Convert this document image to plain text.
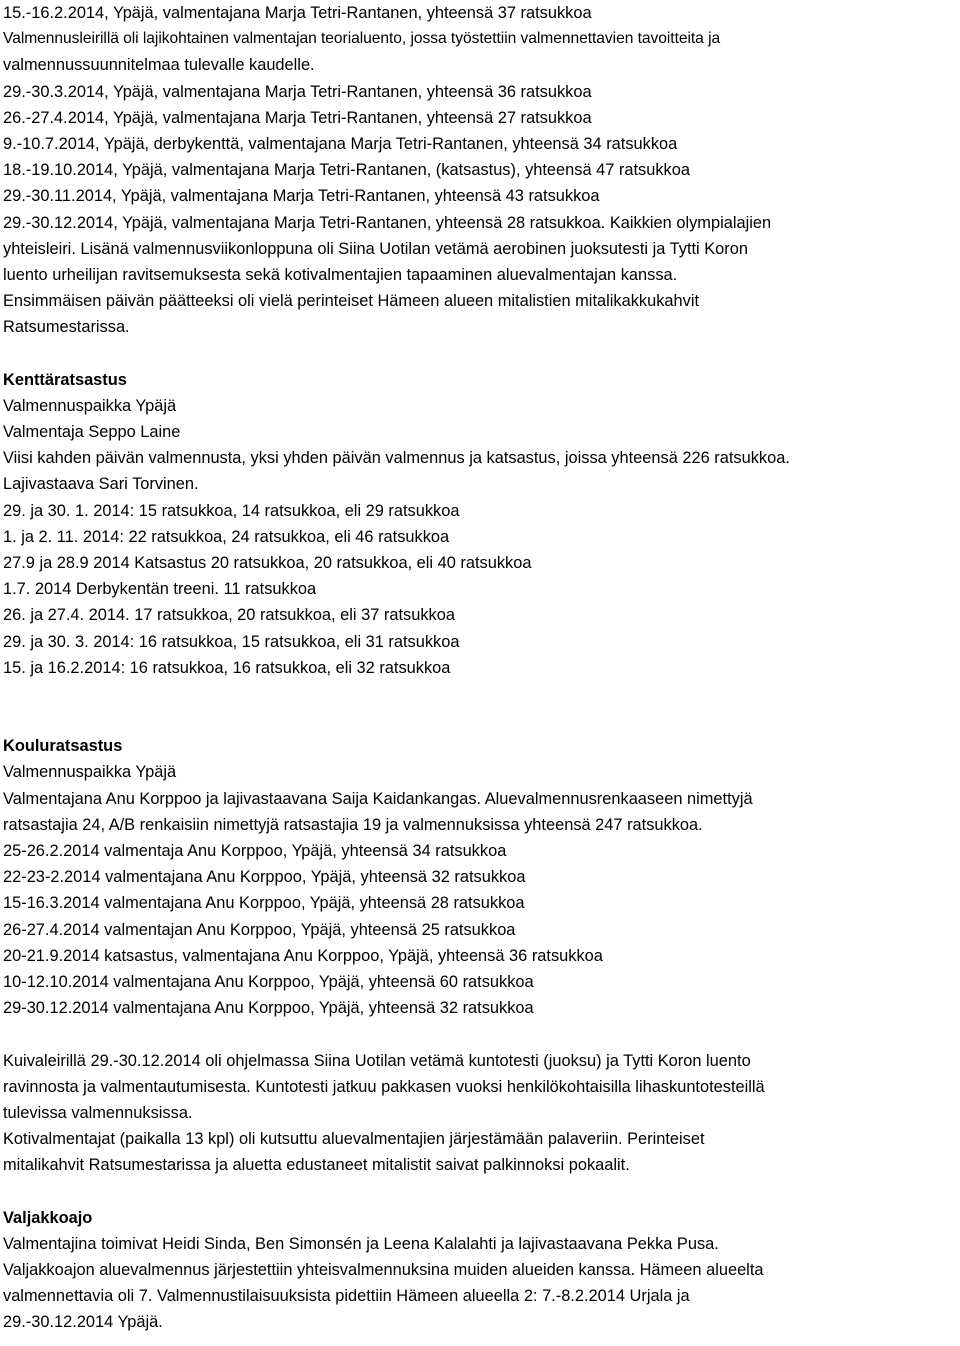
15.-16.2.2014, Ypäjä, valmentajana Marja Tetri-Rantanen, yhteensä 37 ratsukkoa
Valmennusleirillä oli lajikohtainen valmentajan teorialuento, jossa työstettiin valmennettavien tavoitteita ja
valmennussuunnitelmaa tulevalle kaudelle.
29.-30.3.2014, Ypäjä, valmentajana Marja Tetri-Rantanen, yhteensä 36 ratsukkoa
26.-27.4.2014, Ypäjä, valmentajana Marja Tetri-Rantanen, yhteensä 27 ratsukkoa
9.-10.7.2014, Ypäjä, derbykenttä, valmentajana Marja Tetri-Rantanen, yhteensä 34 ratsukkoa
18.-19.10.2014, Ypäjä, valmentajana Marja Tetri-Rantanen, (katsastus), yhteensä 47 ratsukkoa
29.-30.11.2014, Ypäjä, valmentajana Marja Tetri-Rantanen, yhteensä 43 ratsukkoa
29.-30.12.2014, Ypäjä, valmentajana Marja Tetri-Rantanen, yhteensä 28 ratsukkoa. Kaikkien olympialajien
yhteisleiri. Lisänä valmennusviikonloppuna oli Siina Uotilan vetämä aerobinen juoksutesti ja Tytti Koron
luento urheilijan ravitsemuksesta sekä kotivalmentajien tapaaminen aluevalmentajan kanssa.
Ensimmäisen päivän päätteeksi oli vielä perinteiset Hämeen alueen mitalistien mitalikakkukahvit
Ratsumestarissa.
Kenttäratsastus
Valmennuspaikka Ypäjä
Valmentaja Seppo Laine
Viisi kahden päivän valmennusta, yksi yhden päivän valmennus ja katsastus, joissa yhteensä 226 ratsukkoa.
Lajivastaava Sari Torvinen.
29. ja 30. 1. 2014: 15 ratsukkoa, 14 ratsukkoa, eli 29 ratsukkoa
1. ja 2. 11. 2014: 22 ratsukkoa, 24 ratsukkoa, eli 46 ratsukkoa
27.9 ja 28.9 2014 Katsastus 20 ratsukkoa, 20 ratsukkoa, eli 40 ratsukkoa
1.7. 2014 Derbykentän treeni. 11 ratsukkoa
26. ja 27.4. 2014. 17 ratsukkoa, 20 ratsukkoa, eli 37 ratsukkoa
29. ja 30. 3. 2014: 16 ratsukkoa, 15 ratsukkoa, eli 31 ratsukkoa
15. ja 16.2.2014: 16 ratsukkoa, 16 ratsukkoa, eli 32 ratsukkoa
Kouluratsastus
Valmennuspaikka Ypäjä
Valmentajana Anu Korppoo ja lajivastaavana Saija Kaidankangas. Aluevalmennusrenkaaseen nimettyjä
ratsastajia 24, A/B renkaisiin nimettyjä ratsastajia 19 ja valmennuksissa yhteensä 247 ratsukkoa.
25-26.2.2014 valmentaja Anu Korppoo, Ypäjä, yhteensä 34 ratsukkoa
22-23-2.2014 valmentajana Anu Korppoo, Ypäjä, yhteensä 32 ratsukkoa
15-16.3.2014 valmentajana Anu Korppoo, Ypäjä, yhteensä 28 ratsukkoa
26-27.4.2014 valmentajan Anu Korppoo, Ypäjä, yhteensä 25 ratsukkoa
20-21.9.2014 katsastus, valmentajana Anu Korppoo, Ypäjä, yhteensä 36 ratsukkoa
10-12.10.2014 valmentajana Anu Korppoo, Ypäjä, yhteensä 60 ratsukkoa
29-30.12.2014 valmentajana Anu Korppoo, Ypäjä, yhteensä 32 ratsukkoa
Kuivaleirillä 29.-30.12.2014 oli ohjelmassa Siina Uotilan vetämä kuntotesti (juoksu) ja Tytti Koron luento
ravinnosta ja valmentautumisesta. Kuntotesti jatkuu pakkasen vuoksi henkilökohtaisilla lihaskuntotesteillä
tulevissa valmennuksissa.
Kotivalmentajat (paikalla 13 kpl) oli kutsuttu aluevalmentajien järjestämään palaveriin. Perinteiset
mitalikahvit Ratsumestarissa ja aluetta edustaneet mitalistit saivat palkinnoksi pokaalit.
Valjakkoajo
Valmentajina toimivat Heidi Sinda, Ben Simonsén ja Leena Kalalahti ja lajivastaavana Pekka Pusa.
Valjakkoajon aluevalmennus järjestettiin yhteisvalmennuksina muiden alueiden kanssa. Hämeen alueelta
valmennettavia oli 7. Valmennustilaisuuksista pidettiin Hämeen alueella 2: 7.-8.2.2014 Urjala ja
29.-30.12.2014 Ypäjä.
